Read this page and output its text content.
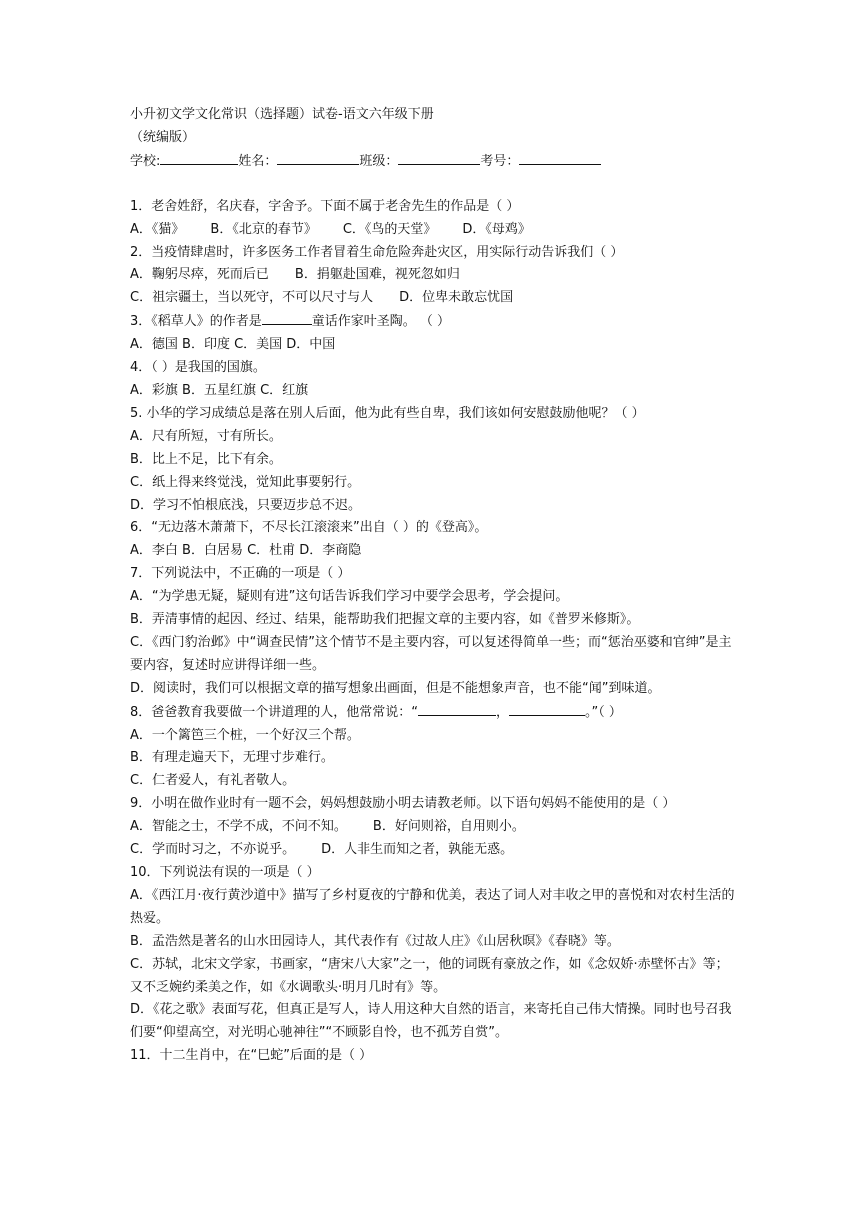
小升初文学文化常识（选择题）试卷-语文六年级下册
（统编版）
学校:	姓名：	班级：	考号：
1．老舍姓舒，名庆春，字舍予。下面不属于老舍先生的作品是（ ）
A．《猫》 B．《北京的春节》 C．《鸟的天堂》 D．《母鸡》
2．当疫情肆虐时，许多医务工作者冒着生命危险奔赴灾区，用实际行动告诉我们（ ）
A．鞠躬尽瘁，死而后已 B．捐躯赴国难，视死忽如归
C．祖宗疆土，当以死守，不可以尺寸与人 D．位卑未敢忘忧国
3．《稻草人》的作者是	童话作家叶圣陶。 （ ）
A．德国 B．印度 C．美国 D．中国
4．（ ）是我国的国旗。
A．彩旗 B．五星红旗 C．红旗
5. 小华的学习成绩总是落在别人后面，他为此有些自卑，我们该如何安慰鼓励他呢？（ ）
A．尺有所短，寸有所长。
B．比上不足，比下有余。
C．纸上得来终觉浅，觉知此事要躬行。
D．学习不怕根底浅，只要迈步总不迟。
6．“无边落木萧萧下，不尽长江滚滚来”出自（ ）的《登高》。
A．李白 B．白居易 C．杜甫 D．李商隐
7．下列说法中，不正确的一项是（ ）
A．“为学患无疑，疑则有进”这句话告诉我们学习中要学会思考，学会提问。
B．弄清事情的起因、经过、结果，能帮助我们把握文章的主要内容，如《普罗米修斯》。
C．《西门豹治邺》中“调查民情”这个情节不是主要内容，可以复述得简单一些；而“惩治巫婆和官绅”是主要内容，复述时应讲得详细一些。
D．阅读时，我们可以根据文章的描写想象出画面，但是不能想象声音，也不能“闻”到味道。
8．爸爸教育我要做一个讲道理的人，他常常说：“	，	。”（ ）
A．一个篱笆三个桩，一个好汉三个帮。
B．有理走遍天下，无理寸步难行。
C．仁者爱人，有礼者敬人。
9．小明在做作业时有一题不会，妈妈想鼓励小明去请教老师。以下语句妈妈不能使用的是（ ）
A．智能之士，不学不成，不问不知。 B．好问则裕，自用则小。
C．学而时习之，不亦说乎。 D．人非生而知之者，孰能无惑。
10．下列说法有误的一项是（ ）
A．《西江月·夜行黄沙道中》描写了乡村夏夜的宁静和优美，表达了词人对丰收之甲的喜悦和对农村生活的热爱。
B．孟浩然是著名的山水田园诗人，其代表作有《过故人庄》《山居秋暝》《春晓》等。
C．苏轼，北宋文学家，书画家，“唐宋八大家”之一，他的词既有豪放之作，如《念奴娇·赤壁怀古》等；又不乏婉约柔美之作，如《水调歌头·明月几时有》等。
D．《花之歌》表面写花，但真正是写人，诗人用这种大自然的语言，来寄托自己伟大情操。同时也号召我们要“仰望高空，对光明心驰神往”“不顾影自怜，也不孤芳自赏”。
11．十二生肖中，在“巳蛇”后面的是（ ）
